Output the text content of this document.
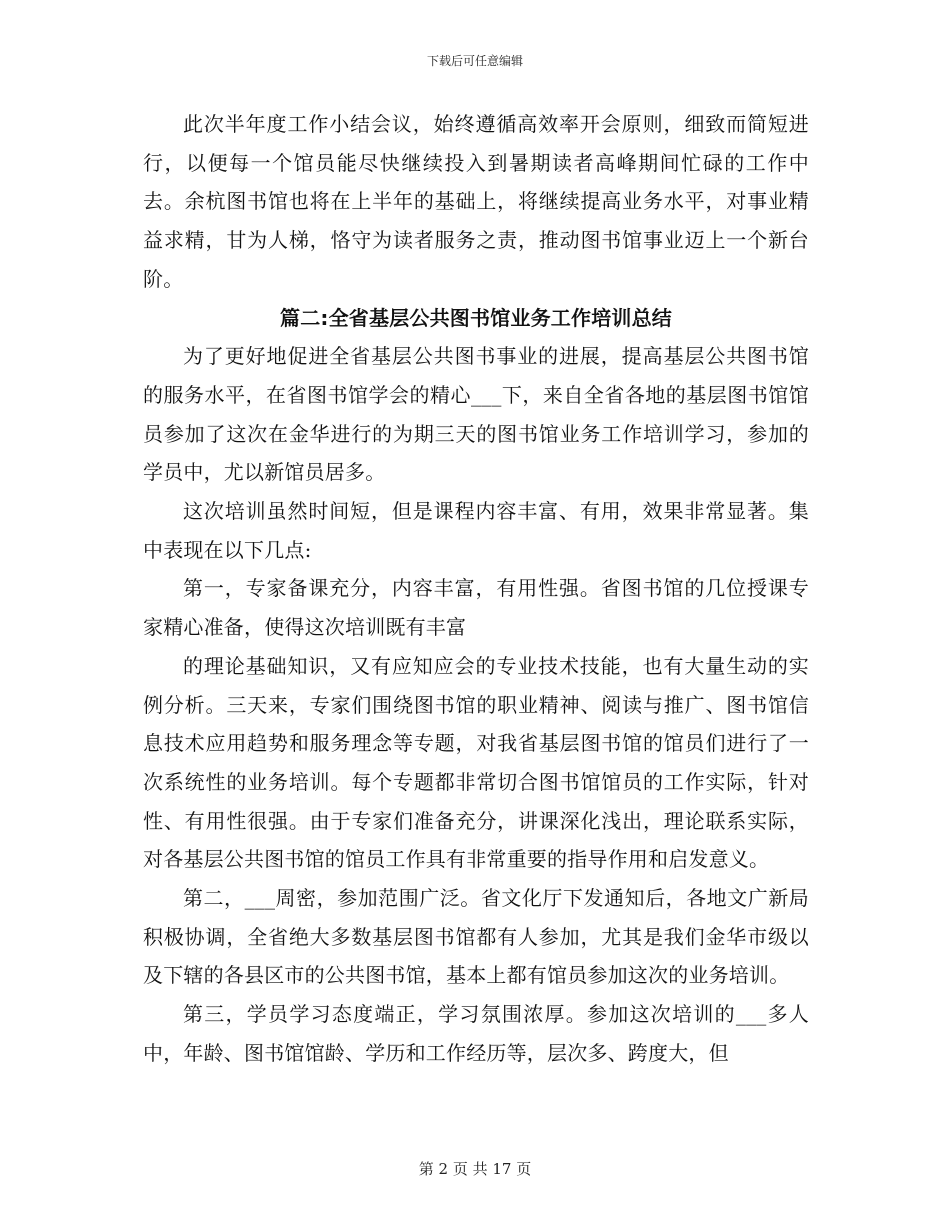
下载后可任意编辑

此次半年度工作小结会议，始终遵循高效率开会原则，细致而简短进行，以便每一个馆员能尽快继续投入到暑期读者高峰期间忙碌的工作中去。余杭图书馆也将在上半年的基础上，将继续提高业务水平，对事业精益求精，甘为人梯，恪守为读者服务之责，推动图书馆事业迈上一个新台阶。

篇二:全省基层公共图书馆业务工作培训总结

为了更好地促进全省基层公共图书事业的进展，提高基层公共图书馆的服务水平，在省图书馆学会的精心___下，来自全省各地的基层图书馆馆员参加了这次在金华进行的为期三天的图书馆业务工作培训学习，参加的学员中，尤以新馆员居多。

这次培训虽然时间短，但是课程内容丰富、有用，效果非常显著。集中表现在以下几点:

第一，专家备课充分，内容丰富，有用性强。省图书馆的几位授课专家精心准备，使得这次培训既有丰富

的理论基础知识，又有应知应会的专业技术技能，也有大量生动的实例分析。三天来，专家们围绕图书馆的职业精神、阅读与推广、图书馆信息技术应用趋势和服务理念等专题，对我省基层图书馆的馆员们进行了一次系统性的业务培训。每个专题都非常切合图书馆馆员的工作实际，针对性、有用性很强。由于专家们准备充分，讲课深化浅出，理论联系实际，对各基层公共图书馆的馆员工作具有非常重要的指导作用和启发意义。

第二，___周密，参加范围广泛。省文化厅下发通知后，各地文广新局积极协调，全省绝大多数基层图书馆都有人参加，尤其是我们金华市级以及下辖的各县区市的公共图书馆，基本上都有馆员参加这次的业务培训。

第三，学员学习态度端正，学习氛围浓厚。参加这次培训的___多人中，年龄、图书馆馆龄、学历和工作经历等，层次多、跨度大，但

第 2 页 共 17 页
